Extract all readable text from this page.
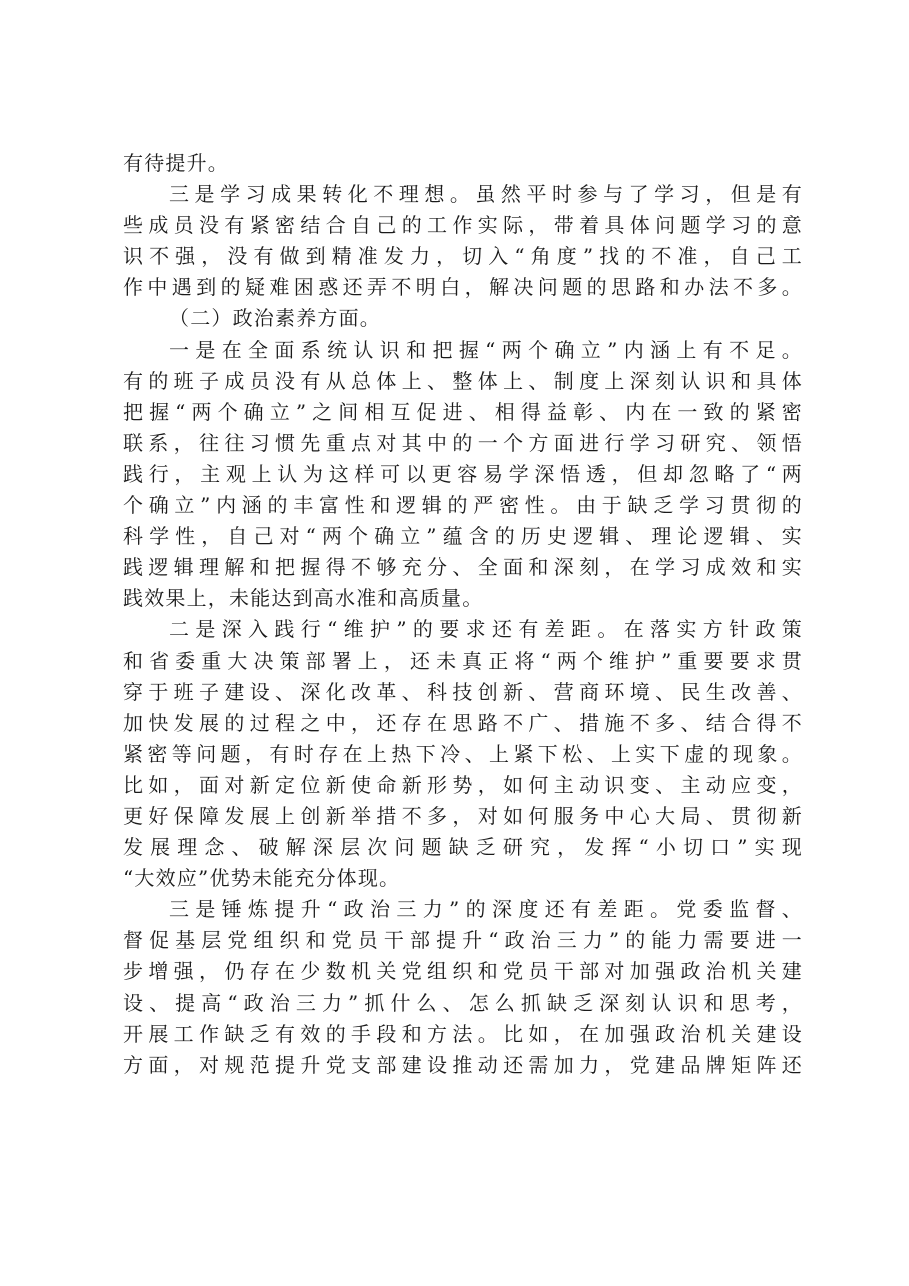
有待提升。
三是学习成果转化不理想。虽然平时参与了学习，但是有
些成员没有紧密结合自己的工作实际，带着具体问题学习的意
识不强，没有做到精准发力，切入“角度”找的不准，自己工
作中遇到的疑难困惑还弄不明白，解决问题的思路和办法不多。
（二）政治素养方面。
一是在全面系统认识和把握“两个确立”内涵上有不足。
有的班子成员没有从总体上、整体上、制度上深刻认识和具体
把握“两个确立”之间相互促进、相得益彰、内在一致的紧密
联系，往往习惯先重点对其中的一个方面进行学习研究、领悟
践行，主观上认为这样可以更容易学深悟透，但却忽略了“两
个确立”内涵的丰富性和逻辑的严密性。由于缺乏学习贯彻的
科学性，自己对“两个确立”蕴含的历史逻辑、理论逻辑、实
践逻辑理解和把握得不够充分、全面和深刻，在学习成效和实
践效果上，未能达到高水准和高质量。
二是深入践行“维护”的要求还有差距。在落实方针政策
和省委重大决策部署上，还未真正将“两个维护”重要要求贯
穿于班子建设、深化改革、科技创新、营商环境、民生改善、
加快发展的过程之中，还存在思路不广、措施不多、结合得不
紧密等问题，有时存在上热下冷、上紧下松、上实下虚的现象。
比如，面对新定位新使命新形势，如何主动识变、主动应变，
更好保障发展上创新举措不多，对如何服务中心大局、贯彻新
发展理念、破解深层次问题缺乏研究，发挥“小切口”实现
“大效应”优势未能充分体现。
三是锤炼提升“政治三力”的深度还有差距。党委监督、
督促基层党组织和党员干部提升“政治三力”的能力需要进一
步增强，仍存在少数机关党组织和党员干部对加强政治机关建
设、提高“政治三力”抓什么、怎么抓缺乏深刻认识和思考，
开展工作缺乏有效的手段和方法。比如，在加强政治机关建设
方面，对规范提升党支部建设推动还需加力，党建品牌矩阵还
